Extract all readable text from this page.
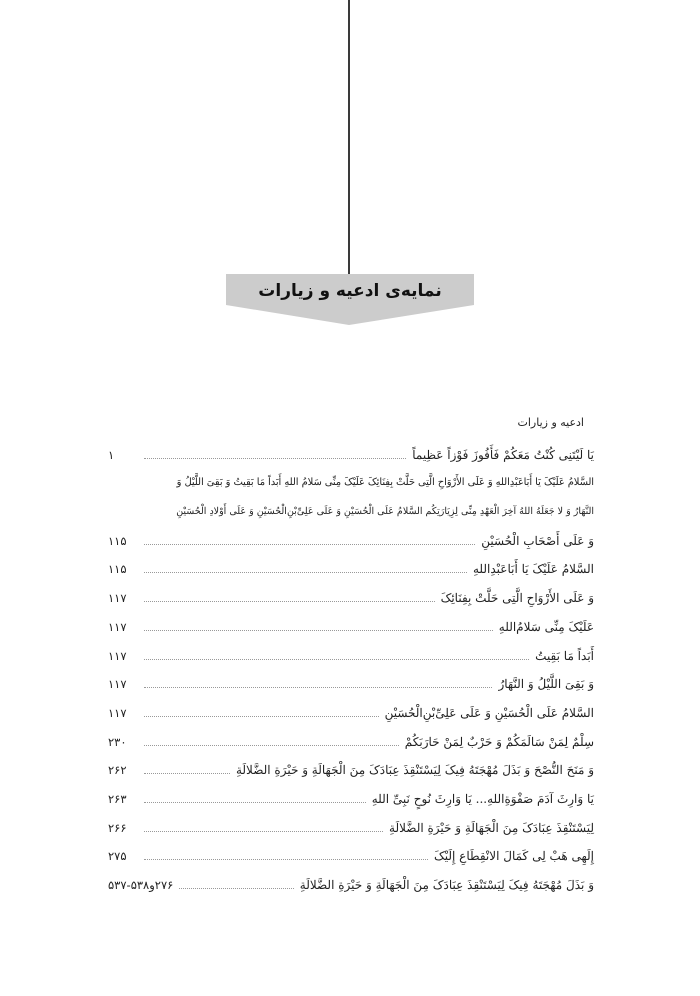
نمایه‌ی ادعیه و زیارات
ادعیه و زیارات
یَا لَیْتَنِی کُنْتُ مَعَکُمْ فَأَفُوزَ فَوْزاً عَظِیماً
۱
السَّلامُ عَلَیْکَ یَا أَبَاعَبْدِاللهِ وَ عَلَی الأَرْوَاحِ الَّتِی حَلَّتْ بِفِنَائِکَ عَلَیْکَ مِنِّی سَلامُ اللهِ أَبَداً مَا بَقِیتُ وَ بَقِیَ اللَّیْلُ وَ
النَّهَارُ وَ لا جَعَلَهُ اللهُ آخِرَ الْعَهْدِ مِنِّی لِزِیَارَتِکُم السَّلامُ عَلَی الْحُسَیْنِ وَ عَلَی عَلِیِّ‌بْنِ‌الْحُسَیْنِ وَ عَلَی أَوْلادِ الْحُسَیْنِ
وَ عَلَی أَصْحَابِ الْحُسَیْنِ
۱۱۵
السَّلامُ عَلَیْکَ یَا أَبَاعَبْدِاللهِ
۱۱۵
وَ عَلَی الأَرْوَاحِ الَّتِی حَلَّتْ بِفِنَائِکَ
۱۱۷
عَلَیْکَ مِنِّی سَلامُ‌اللهِ
۱۱۷
أَبَداً مَا بَقِیتُ
۱۱۷
وَ بَقِیَ اللَّیْلُ وَ النَّهَارُ
۱۱۷
السَّلامُ عَلَی الْحُسَیْنِ وَ عَلَی عَلِیِّ‌بْنِ‌الْحُسَیْنِ
۱۱۷
سِلْمٌ لِمَنْ سَالَمَکُمْ وَ حَرْبٌ لِمَنْ حَارَبَکُمْ
۲۳۰
وَ مَنَحَ النُّصْحَ وَ بَذَلَ مُهْجَتَهُ فِیکَ لِیَسْتَنْقِذَ عِبَادَکَ مِنَ الْجَهَالَةِ وَ حَیْرَةِ الضَّلالَةِ
۲۶۲
یَا وَارِثَ آدَمَ صَفْوَةِاللهِ... یَا وَارِثَ نُوحٍ نَبِیِّ اللهِ
۲۶۳
لِیَسْتَنْقِذَ عِبَادَکَ مِنَ الْجَهَالَةِ وَ حَیْرَةِ الضَّلالَةِ
۲۶۶
إِلَهِی هَبْ لِی کَمَالَ الانْقِطَاعِ إِلَیْکَ
۲۷۵
وَ بَذَلَ مُهْجَتَهُ فِیکَ لِیَسْتَنْقِذَ عِبَادَکَ مِنَ الْجَهَالَةِ وَ حَیْرَةِ الضَّلالَةِ
۲۷۶و۵۳۸-۵۳۷
